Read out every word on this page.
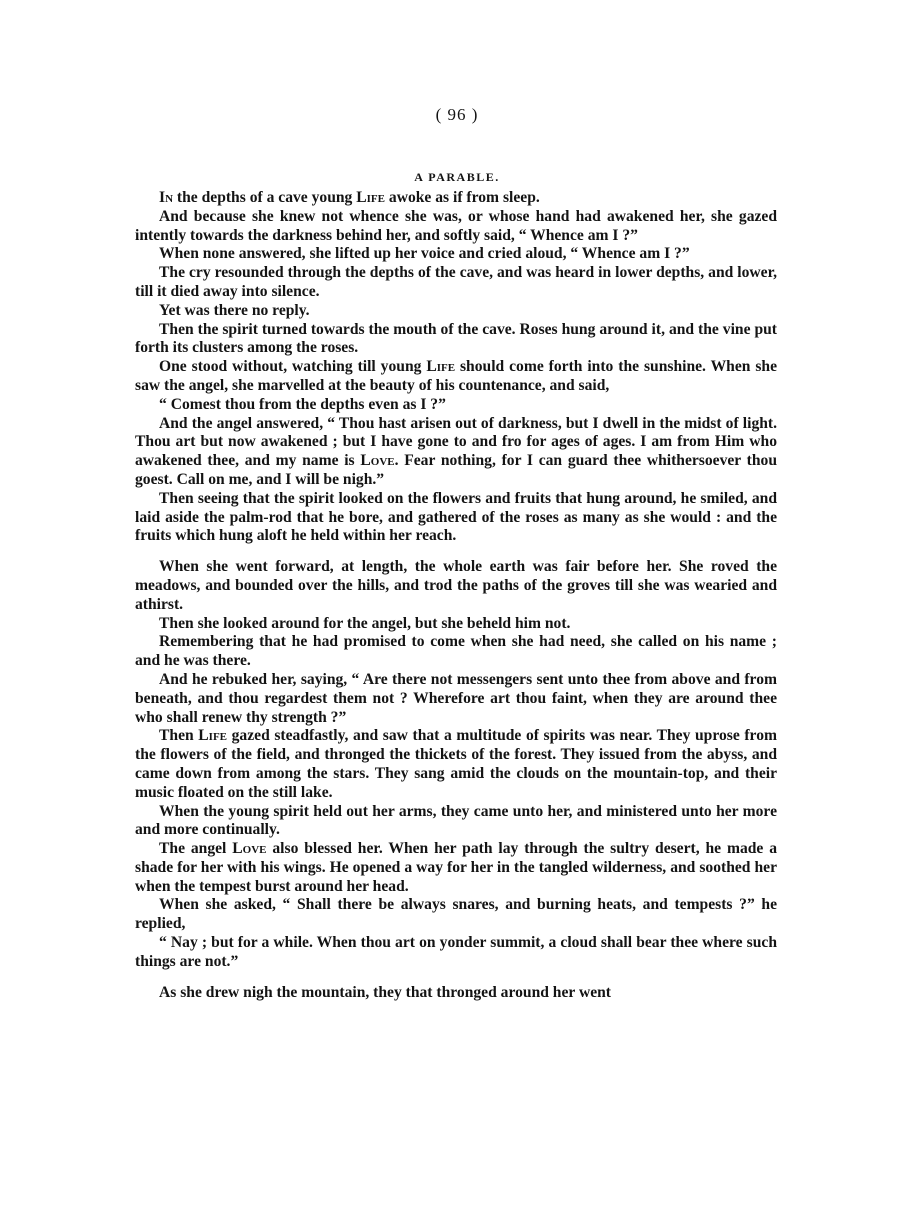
( 96 )
A PARABLE.

In the depths of a cave young Life awoke as if from sleep.

And because she knew not whence she was, or whose hand had awakened her, she gazed intently towards the darkness behind her, and softly said, “ Whence am I ?”

When none answered, she lifted up her voice and cried aloud, “ Whence am I ?”

The cry resounded through the depths of the cave, and was heard in lower depths, and lower, till it died away into silence.

Yet was there no reply.

Then the spirit turned towards the mouth of the cave. Roses hung around it, and the vine put forth its clusters among the roses.

One stood without, watching till young Life should come forth into the sunshine. When she saw the angel, she marvelled at the beauty of his countenance, and said,

“ Comest thou from the depths even as I ?”

And the angel answered, “ Thou hast arisen out of darkness, but I dwell in the midst of light. Thou art but now awakened ; but I have gone to and fro for ages of ages. I am from Him who awakened thee, and my name is Love. Fear nothing, for I can guard thee whithersoever thou goest. Call on me, and I will be nigh.”

Then seeing that the spirit looked on the flowers and fruits that hung around, he smiled, and laid aside the palm-rod that he bore, and gathered of the roses as many as she would : and the fruits which hung aloft he held within her reach.

When she went forward, at length, the whole earth was fair before her. She roved the meadows, and bounded over the hills, and trod the paths of the groves till she was wearied and athirst.

Then she looked around for the angel, but she beheld him not.

Remembering that he had promised to come when she had need, she called on his name ; and he was there.

And he rebuked her, saying, “ Are there not messengers sent unto thee from above and from beneath, and thou regardest them not ? Wherefore art thou faint, when they are around thee who shall renew thy strength ?”

Then Life gazed steadfastly, and saw that a multitude of spirits was near. They uprose from the flowers of the field, and thronged the thickets of the forest. They issued from the abyss, and came down from among the stars. They sang amid the clouds on the mountain-top, and their music floated on the still lake.

When the young spirit held out her arms, they came unto her, and ministered unto her more and more continually.

The angel Love also blessed her. When her path lay through the sultry desert, he made a shade for her with his wings. He opened a way for her in the tangled wilderness, and soothed her when the tempest burst around her head.

When she asked, “ Shall there be always snares, and burning heats, and tempests ?” he replied,

“ Nay ; but for a while. When thou art on yonder summit, a cloud shall bear thee where such things are not.”

As she drew nigh the mountain, they that thronged around her went
